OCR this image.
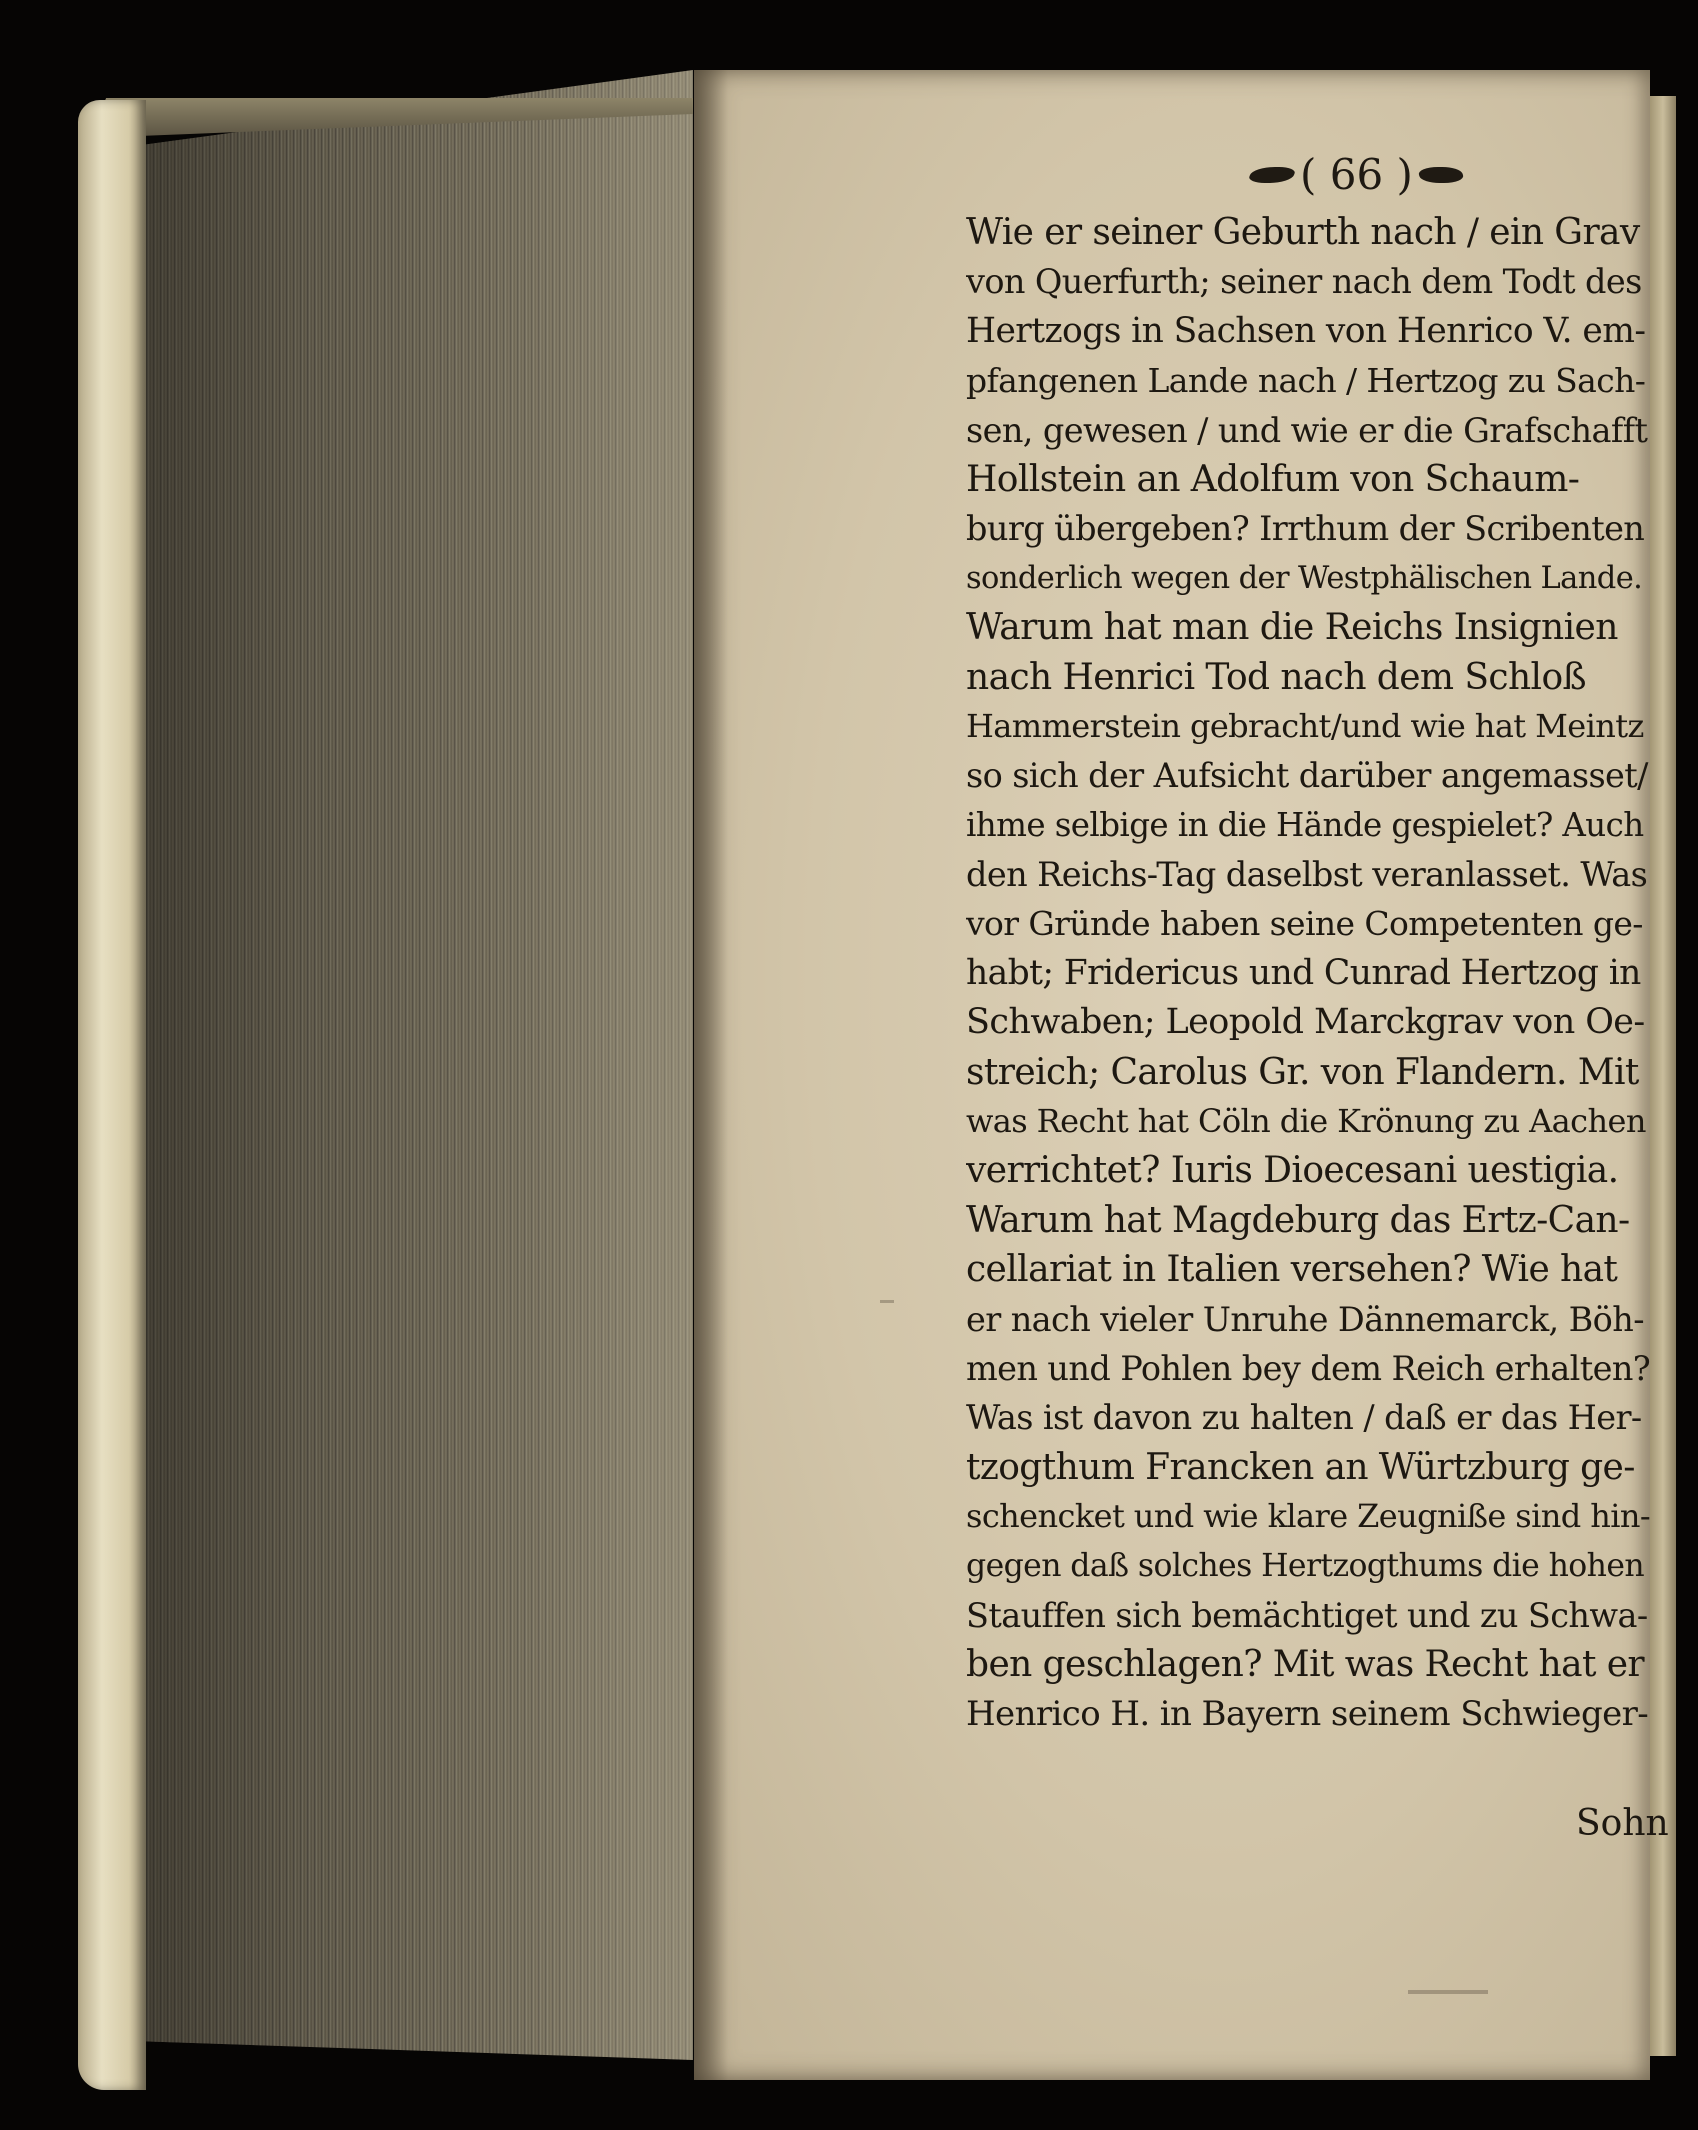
( 66 )
Wie er seiner Geburth nach / ein Grav
von Querfurth; seiner nach dem Todt des
Hertzogs in Sachsen von Henrico V. em-
pfangenen Lande nach / Hertzog zu Sach-
sen, gewesen / und wie er die Grafschafft
Hollstein an Adolfum von Schaum-
burg übergeben? Irrthum der Scribenten
sonderlich wegen der Westphälischen Lande.
Warum hat man die Reichs Insignien
nach Henrici Tod nach dem Schloß
Hammerstein gebracht/und wie hat Meintz
so sich der Aufsicht darüber angemasset/
ihme selbige in die Hände gespielet? Auch
den Reichs-Tag daselbst veranlasset. Was
vor Gründe haben seine Competenten ge-
habt; Fridericus und Cunrad Hertzog in
Schwaben; Leopold Marckgrav von Oe-
streich; Carolus Gr. von Flandern. Mit
was Recht hat Cöln die Krönung zu Aachen
verrichtet? Iuris Dioecesani uestigia.
Warum hat Magdeburg das Ertz-Can-
cellariat in Italien versehen? Wie hat
er nach vieler Unruhe Dännemarck, Böh-
men und Pohlen bey dem Reich erhalten?
Was ist davon zu halten / daß er das Her-
tzogthum Francken an Würtzburg ge-
schencket und wie klare Zeugniße sind hin-
gegen daß solches Hertzogthums die hohen
Stauffen sich bemächtiget und zu Schwa-
ben geschlagen? Mit was Recht hat er
Henrico H. in Bayern seinem Schwieger-
Sohn
